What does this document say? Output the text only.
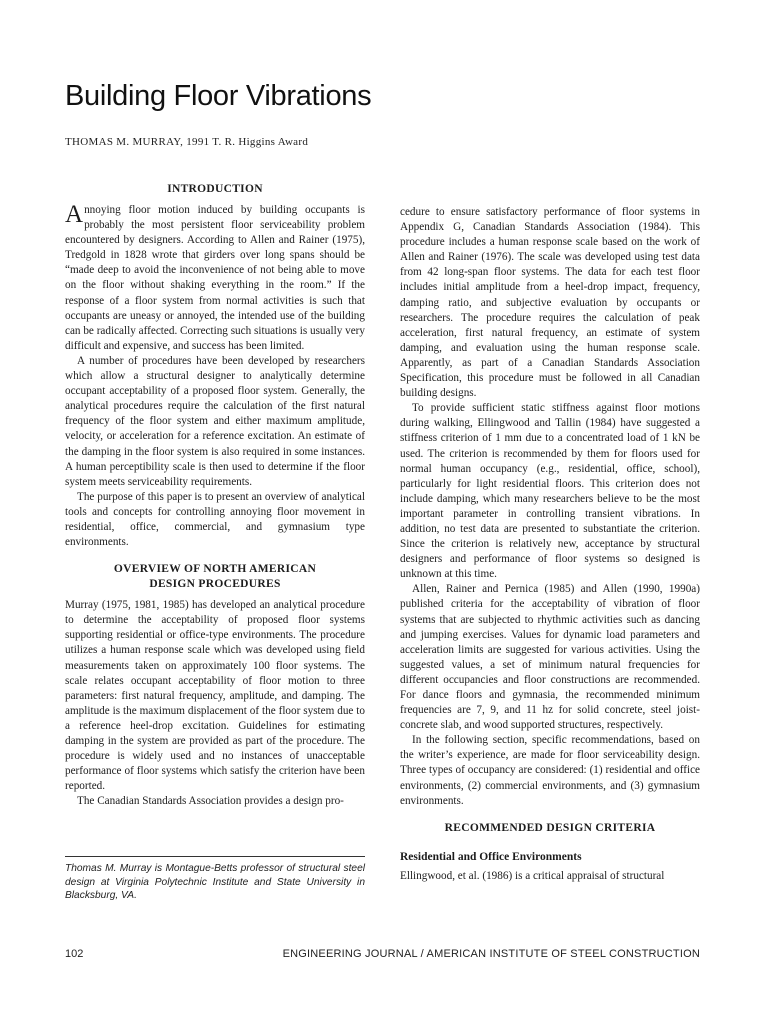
Building Floor Vibrations
THOMAS M. MURRAY, 1991 T. R. Higgins Award
INTRODUCTION

Annoying floor motion induced by building occupants is probably the most persistent floor serviceability problem encountered by designers. According to Allen and Rainer (1975), Tredgold in 1828 wrote that girders over long spans should be “made deep to avoid the inconvenience of not being able to move on the floor without shaking everything in the room.” If the response of a floor system from normal activities is such that occupants are uneasy or annoyed, the intended use of the building can be radically affected. Correcting such situations is usually very difficult and expensive, and success has been limited.

A number of procedures have been developed by researchers which allow a structural designer to analytically determine occupant acceptability of a proposed floor system. Generally, the analytical procedures require the calculation of the first natural frequency of the floor system and either maximum amplitude, velocity, or acceleration for a reference excitation. An estimate of the damping in the floor system is also required in some instances. A human perceptibility scale is then used to determine if the floor system meets serviceability requirements.

The purpose of this paper is to present an overview of analytical tools and concepts for controlling annoying floor movement in residential, office, commercial, and gymnasium type environments.

OVERVIEW OF NORTH AMERICAN
DESIGN PROCEDURES

Murray (1975, 1981, 1985) has developed an analytical procedure to determine the acceptability of proposed floor systems supporting residential or office-type environments. The procedure utilizes a human response scale which was developed using field measurements taken on approximately 100 floor systems. The scale relates occupant acceptability of floor motion to three parameters: first natural frequency, amplitude, and damping. The amplitude is the maximum displacement of the floor system due to a reference heel-drop excitation. Guidelines for estimating damping in the system are provided as part of the procedure. The procedure is widely used and no instances of unacceptable performance of floor systems which satisfy the criterion have been reported.

The Canadian Standards Association provides a design pro-

cedure to ensure satisfactory performance of floor systems in Appendix G, Canadian Standards Association (1984). This procedure includes a human response scale based on the work of Allen and Rainer (1976). The scale was developed using test data from 42 long-span floor systems. The data for each test floor includes initial amplitude from a heel-drop impact, frequency, damping ratio, and subjective evaluation by occupants or researchers. The procedure requires the calculation of peak acceleration, first natural frequency, an estimate of system damping, and evaluation using the human response scale. Apparently, as part of a Canadian Standards Association Specification, this procedure must be followed in all Canadian building designs.

To provide sufficient static stiffness against floor motions during walking, Ellingwood and Tallin (1984) have suggested a stiffness criterion of 1 mm due to a concentrated load of 1 kN be used. The criterion is recommended by them for floors used for normal human occupancy (e.g., residential, office, school), particularly for light residential floors. This criterion does not include damping, which many researchers believe to be the most important parameter in controlling transient vibrations. In addition, no test data are presented to substantiate the criterion. Since the criterion is relatively new, acceptance by structural designers and performance of floor systems so designed is unknown at this time.

Allen, Rainer and Pernica (1985) and Allen (1990, 1990a) published criteria for the acceptability of vibration of floor systems that are subjected to rhythmic activities such as dancing and jumping exercises. Values for dynamic load parameters and acceleration limits are suggested for various activities. Using the suggested values, a set of minimum natural frequencies for different occupancies and floor constructions are recommended. For dance floors and gymnasia, the recommended minimum frequencies are 7, 9, and 11 hz for solid concrete, steel joist-concrete slab, and wood supported structures, respectively.

In the following section, specific recommendations, based on the writer’s experience, are made for floor serviceability design. Three types of occupancy are considered: (1) residential and office environments, (2) commercial environments, and (3) gymnasium environments.

RECOMMENDED DESIGN CRITERIA
Residential and Office Environments

Ellingwood, et al. (1986) is a critical appraisal of structural

Thomas M. Murray is Montague-Betts professor of structural steel design at Virginia Polytechnic Institute and State University in Blacksburg, VA.
102	ENGINEERING JOURNAL / AMERICAN INSTITUTE OF STEEL CONSTRUCTION
